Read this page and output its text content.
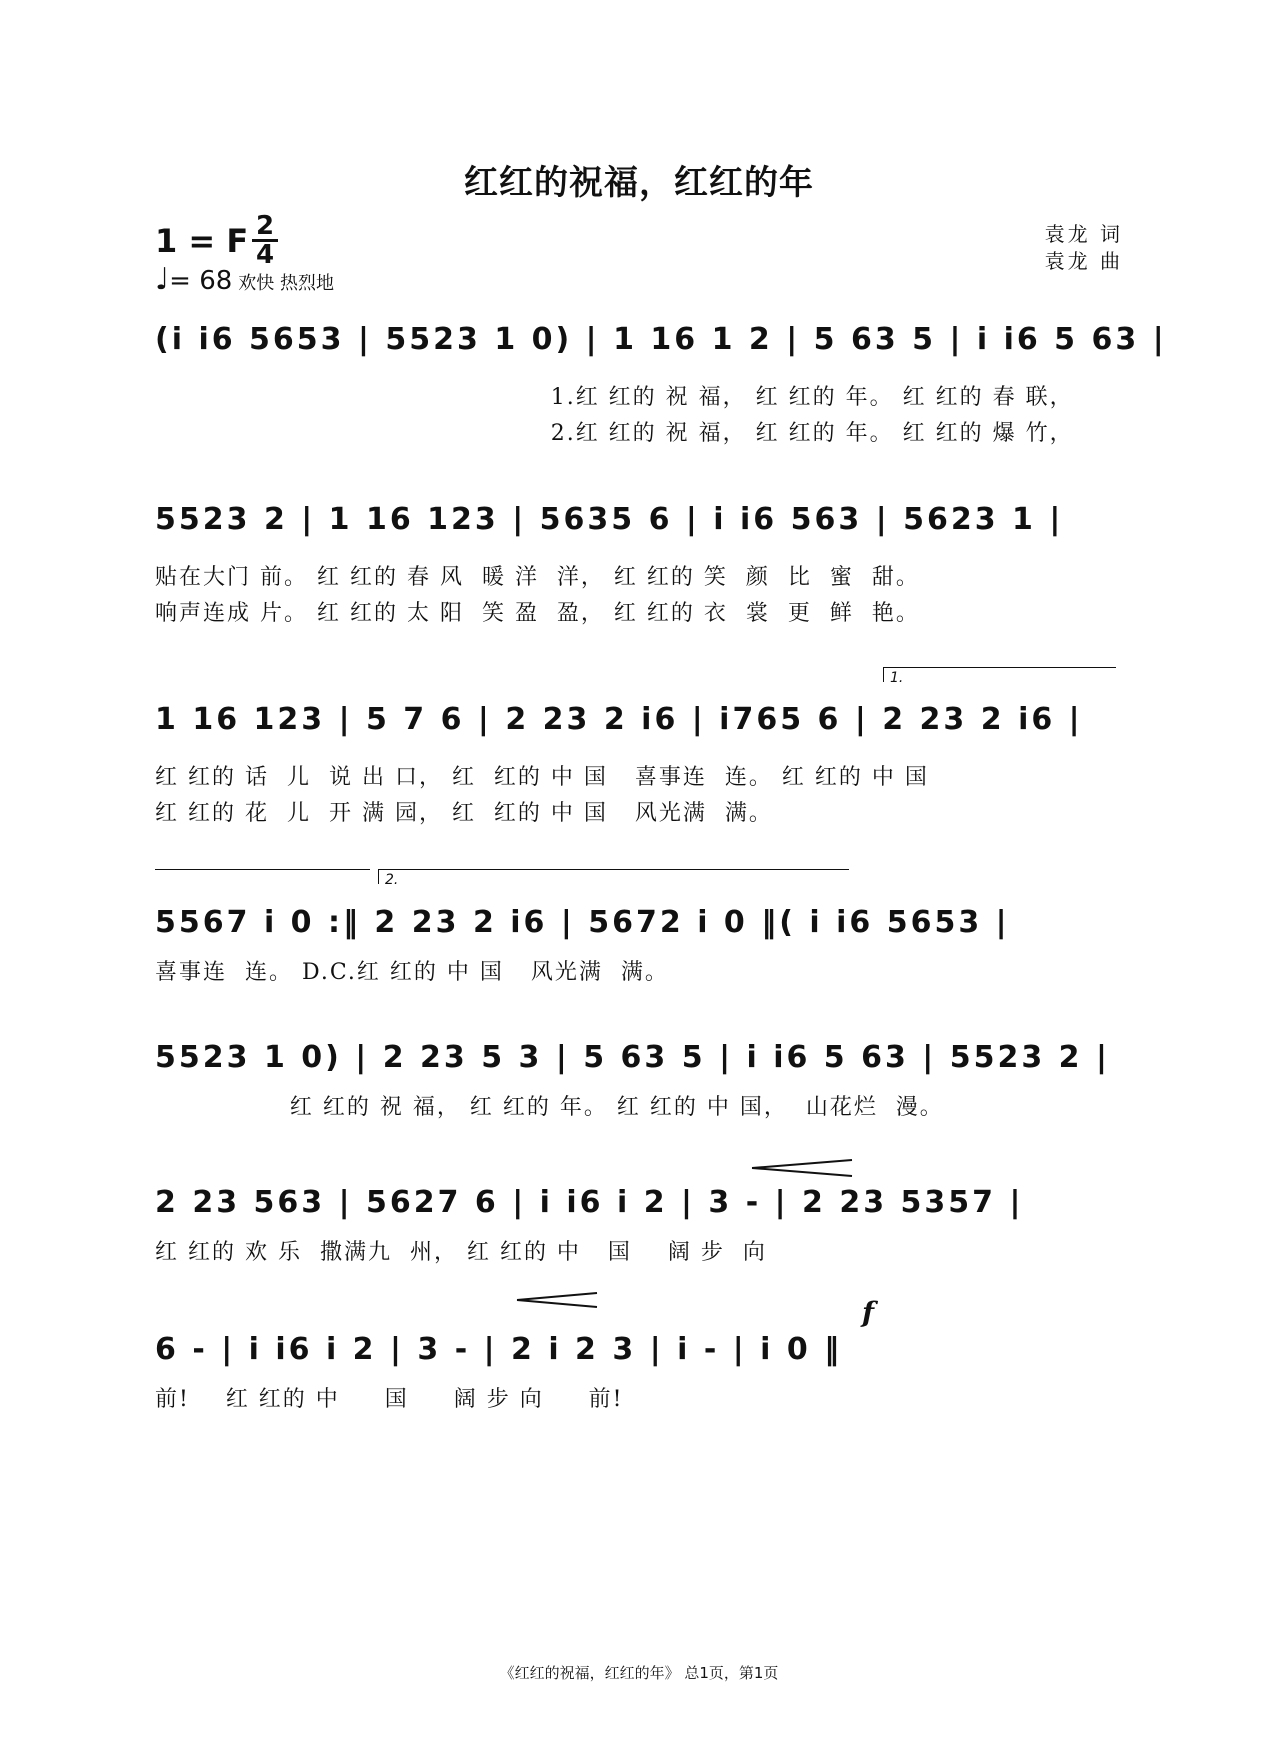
红红的祝福，红红的年
1 = F 2
4
♩= 68 欢快 热烈地
袁龙 词
袁龙 曲
(i i6 5653 | 5523 1 0) | 1 16 1 2 | 5 63 5 | i i6 5 63 |
1.红 红的 祝 福， 红 红的 年。 红 红的 春 联，
2.红 红的 祝 福， 红 红的 年。 红 红的 爆 竹，
5523 2 | 1 16 123 | 5635 6 | i i6 563 | 5623 1 |
贴在大门 前。 红 红的 春 风  暖 洋  洋， 红 红的 笑  颜  比  蜜  甜。
响声连成 片。 红 红的 太 阳  笑 盈  盈， 红 红的 衣  裳  更  鲜  艳。
1.
1 16 123 | 5 7 6 | 2 23 2 i6 | i765 6 | 2 23 2 i6 |
红 红的 话  儿  说 出 口， 红  红的 中 国   喜事连  连。 红 红的 中 国
红 红的 花  儿  开 满 园， 红  红的 中 国   风光满  满。
2.
5567 i 0 :‖ 2 23 2 i6 | 5672 i 0 ‖( i i6 5653 |
喜事连  连。 D.C.红 红的 中 国   风光满  满。
5523 1 0) | 2 23 5 3 | 5 63 5 | i i6 5 63 | 5523 2 |
红 红的 祝 福， 红 红的 年。 红 红的 中 国，  山花烂  漫。
2 23 563 | 5627 6 | i i6 i 2 | 3 - | 2 23 5357 |
红 红的 欢 乐  撒满九  州， 红 红的 中   国    阔 步  向
f
6 - | i i6 i 2 | 3 - | 2 i 2 3 | i - | i 0 ‖
前!    红 红的 中     国     阔 步 向     前!
《红红的祝福，红红的年》 总1页，第1页
